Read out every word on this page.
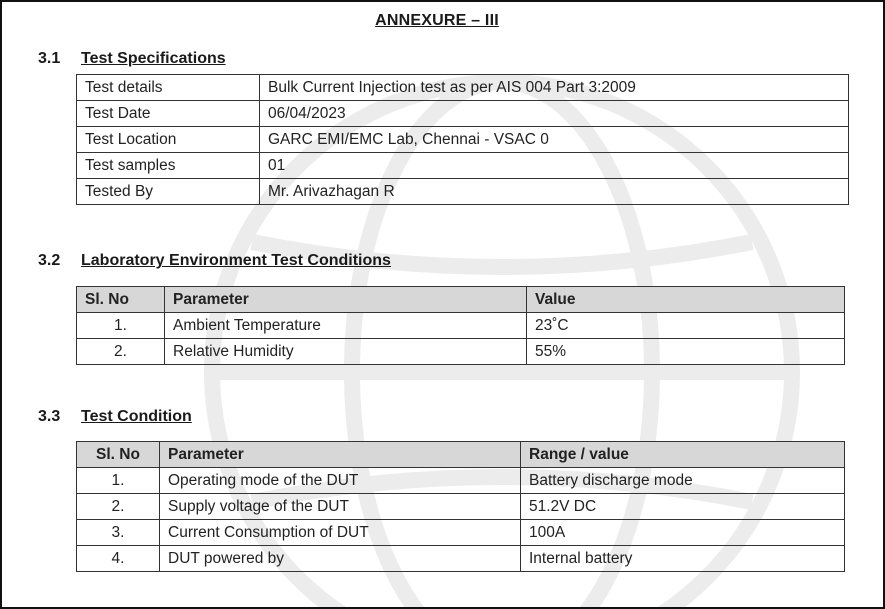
ANNEXURE – III
3.1 Test Specifications
Test details	Bulk Current Injection test as per AIS 004 Part 3:2009
Test Date	06/04/2023
Test Location	GARC EMI/EMC Lab, Chennai - VSAC 0
Test samples	01
Tested By	Mr. Arivazhagan R
3.2 Laboratory Environment Test Conditions
Sl. No	Parameter	Value
1.	Ambient Temperature	23˚C
2.	Relative Humidity	55%
3.3 Test Condition
Sl. No	Parameter	Range / value
1.	Operating mode of the DUT	Battery discharge mode
2.	Supply voltage of the DUT	51.2V DC
3.	Current Consumption of DUT	100A
4.	DUT powered by	Internal battery
